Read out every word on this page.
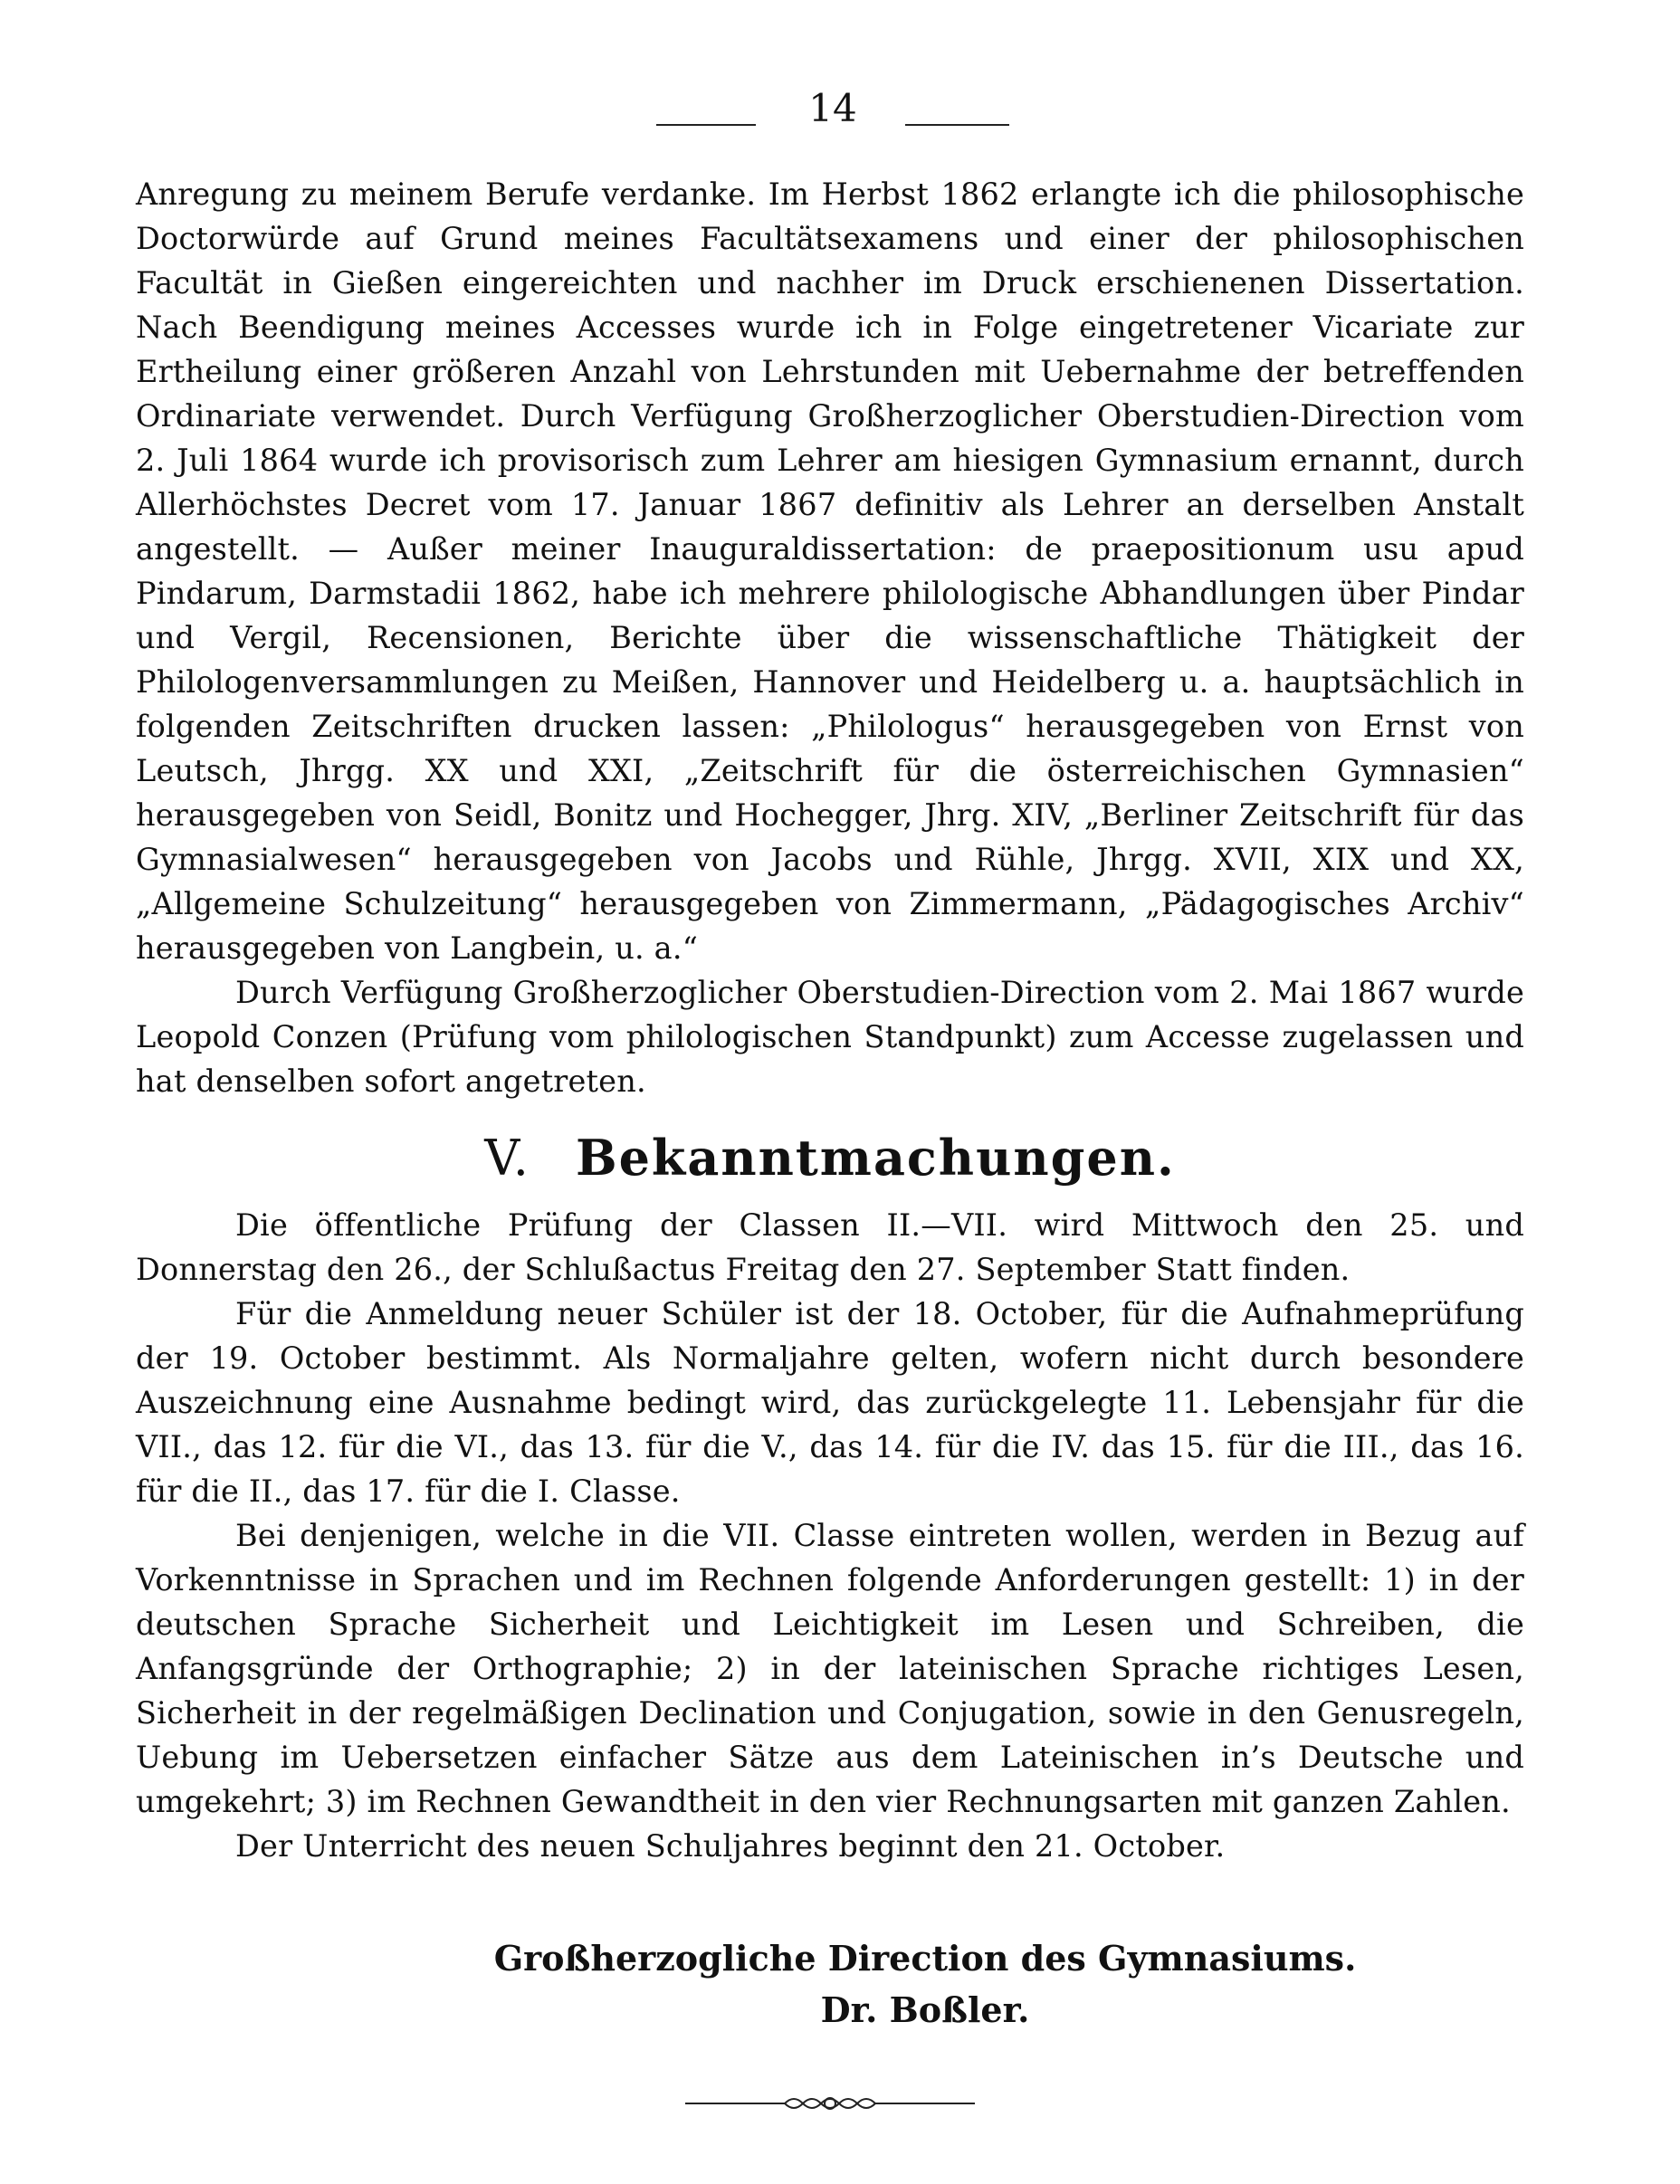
14

Anregung zu meinem Berufe verdanke. Im Herbst 1862 erlangte ich die philosophische Doctorwürde auf Grund meines Facultätsexamens und einer der philosophischen Facultät in Gießen eingereichten und nachher im Druck erschienenen Dissertation. Nach Beendigung meines Accesses wurde ich in Folge eingetretener Vicariate zur Ertheilung einer größeren Anzahl von Lehrstunden mit Uebernahme der betreffenden Ordinariate verwendet. Durch Verfügung Großherzoglicher Oberstudien-Direction vom 2. Juli 1864 wurde ich provisorisch zum Lehrer am hiesigen Gymnasium ernannt, durch Allerhöchstes Decret vom 17. Januar 1867 definitiv als Lehrer an derselben Anstalt angestellt. — Außer meiner Inauguraldissertation: de praepositionum usu apud Pindarum, Darmstadii 1862, habe ich mehrere philologische Abhandlungen über Pindar und Vergil, Recensionen, Berichte über die wissenschaftliche Thätigkeit der Philologenversammlungen zu Meißen, Hannover und Heidelberg u. a. hauptsächlich in folgenden Zeitschriften drucken lassen: „Philologus“ herausgegeben von Ernst von Leutsch, Jhrgg. XX und XXI, „Zeitschrift für die österreichischen Gymnasien“ herausgegeben von Seidl, Bonitz und Hochegger, Jhrg. XIV, „Berliner Zeitschrift für das Gymnasialwesen“ herausgegeben von Jacobs und Rühle, Jhrgg. XVII, XIX und XX, „Allgemeine Schulzeitung“ herausgegeben von Zimmermann, „Pädagogisches Archiv“ herausgegeben von Langbein, u. a.“

Durch Verfügung Großherzoglicher Oberstudien-Direction vom 2. Mai 1867 wurde Leopold Conzen (Prüfung vom philologischen Standpunkt) zum Accesse zugelassen und hat denselben sofort angetreten.

V. Bekanntmachungen.

Die öffentliche Prüfung der Classen II.—VII. wird Mittwoch den 25. und Donnerstag den 26., der Schlußactus Freitag den 27. September Statt finden.

Für die Anmeldung neuer Schüler ist der 18. October, für die Aufnahmeprüfung der 19. October bestimmt. Als Normaljahre gelten, wofern nicht durch besondere Auszeichnung eine Ausnahme bedingt wird, das zurückgelegte 11. Lebensjahr für die VII., das 12. für die VI., das 13. für die V., das 14. für die IV. das 15. für die III., das 16. für die II., das 17. für die I. Classe.

Bei denjenigen, welche in die VII. Classe eintreten wollen, werden in Bezug auf Vorkenntnisse in Sprachen und im Rechnen folgende Anforderungen gestellt: 1) in der deutschen Sprache Sicherheit und Leichtigkeit im Lesen und Schreiben, die Anfangsgründe der Orthographie; 2) in der lateinischen Sprache richtiges Lesen, Sicherheit in der regelmäßigen Declination und Conjugation, sowie in den Genusregeln, Uebung im Uebersetzen einfacher Sätze aus dem Lateinischen in’s Deutsche und umgekehrt; 3) im Rechnen Gewandtheit in den vier Rechnungsarten mit ganzen Zahlen.

Der Unterricht des neuen Schuljahres beginnt den 21. October.

Großherzogliche Direction des Gymnasiums.
Dr. Boßler.
